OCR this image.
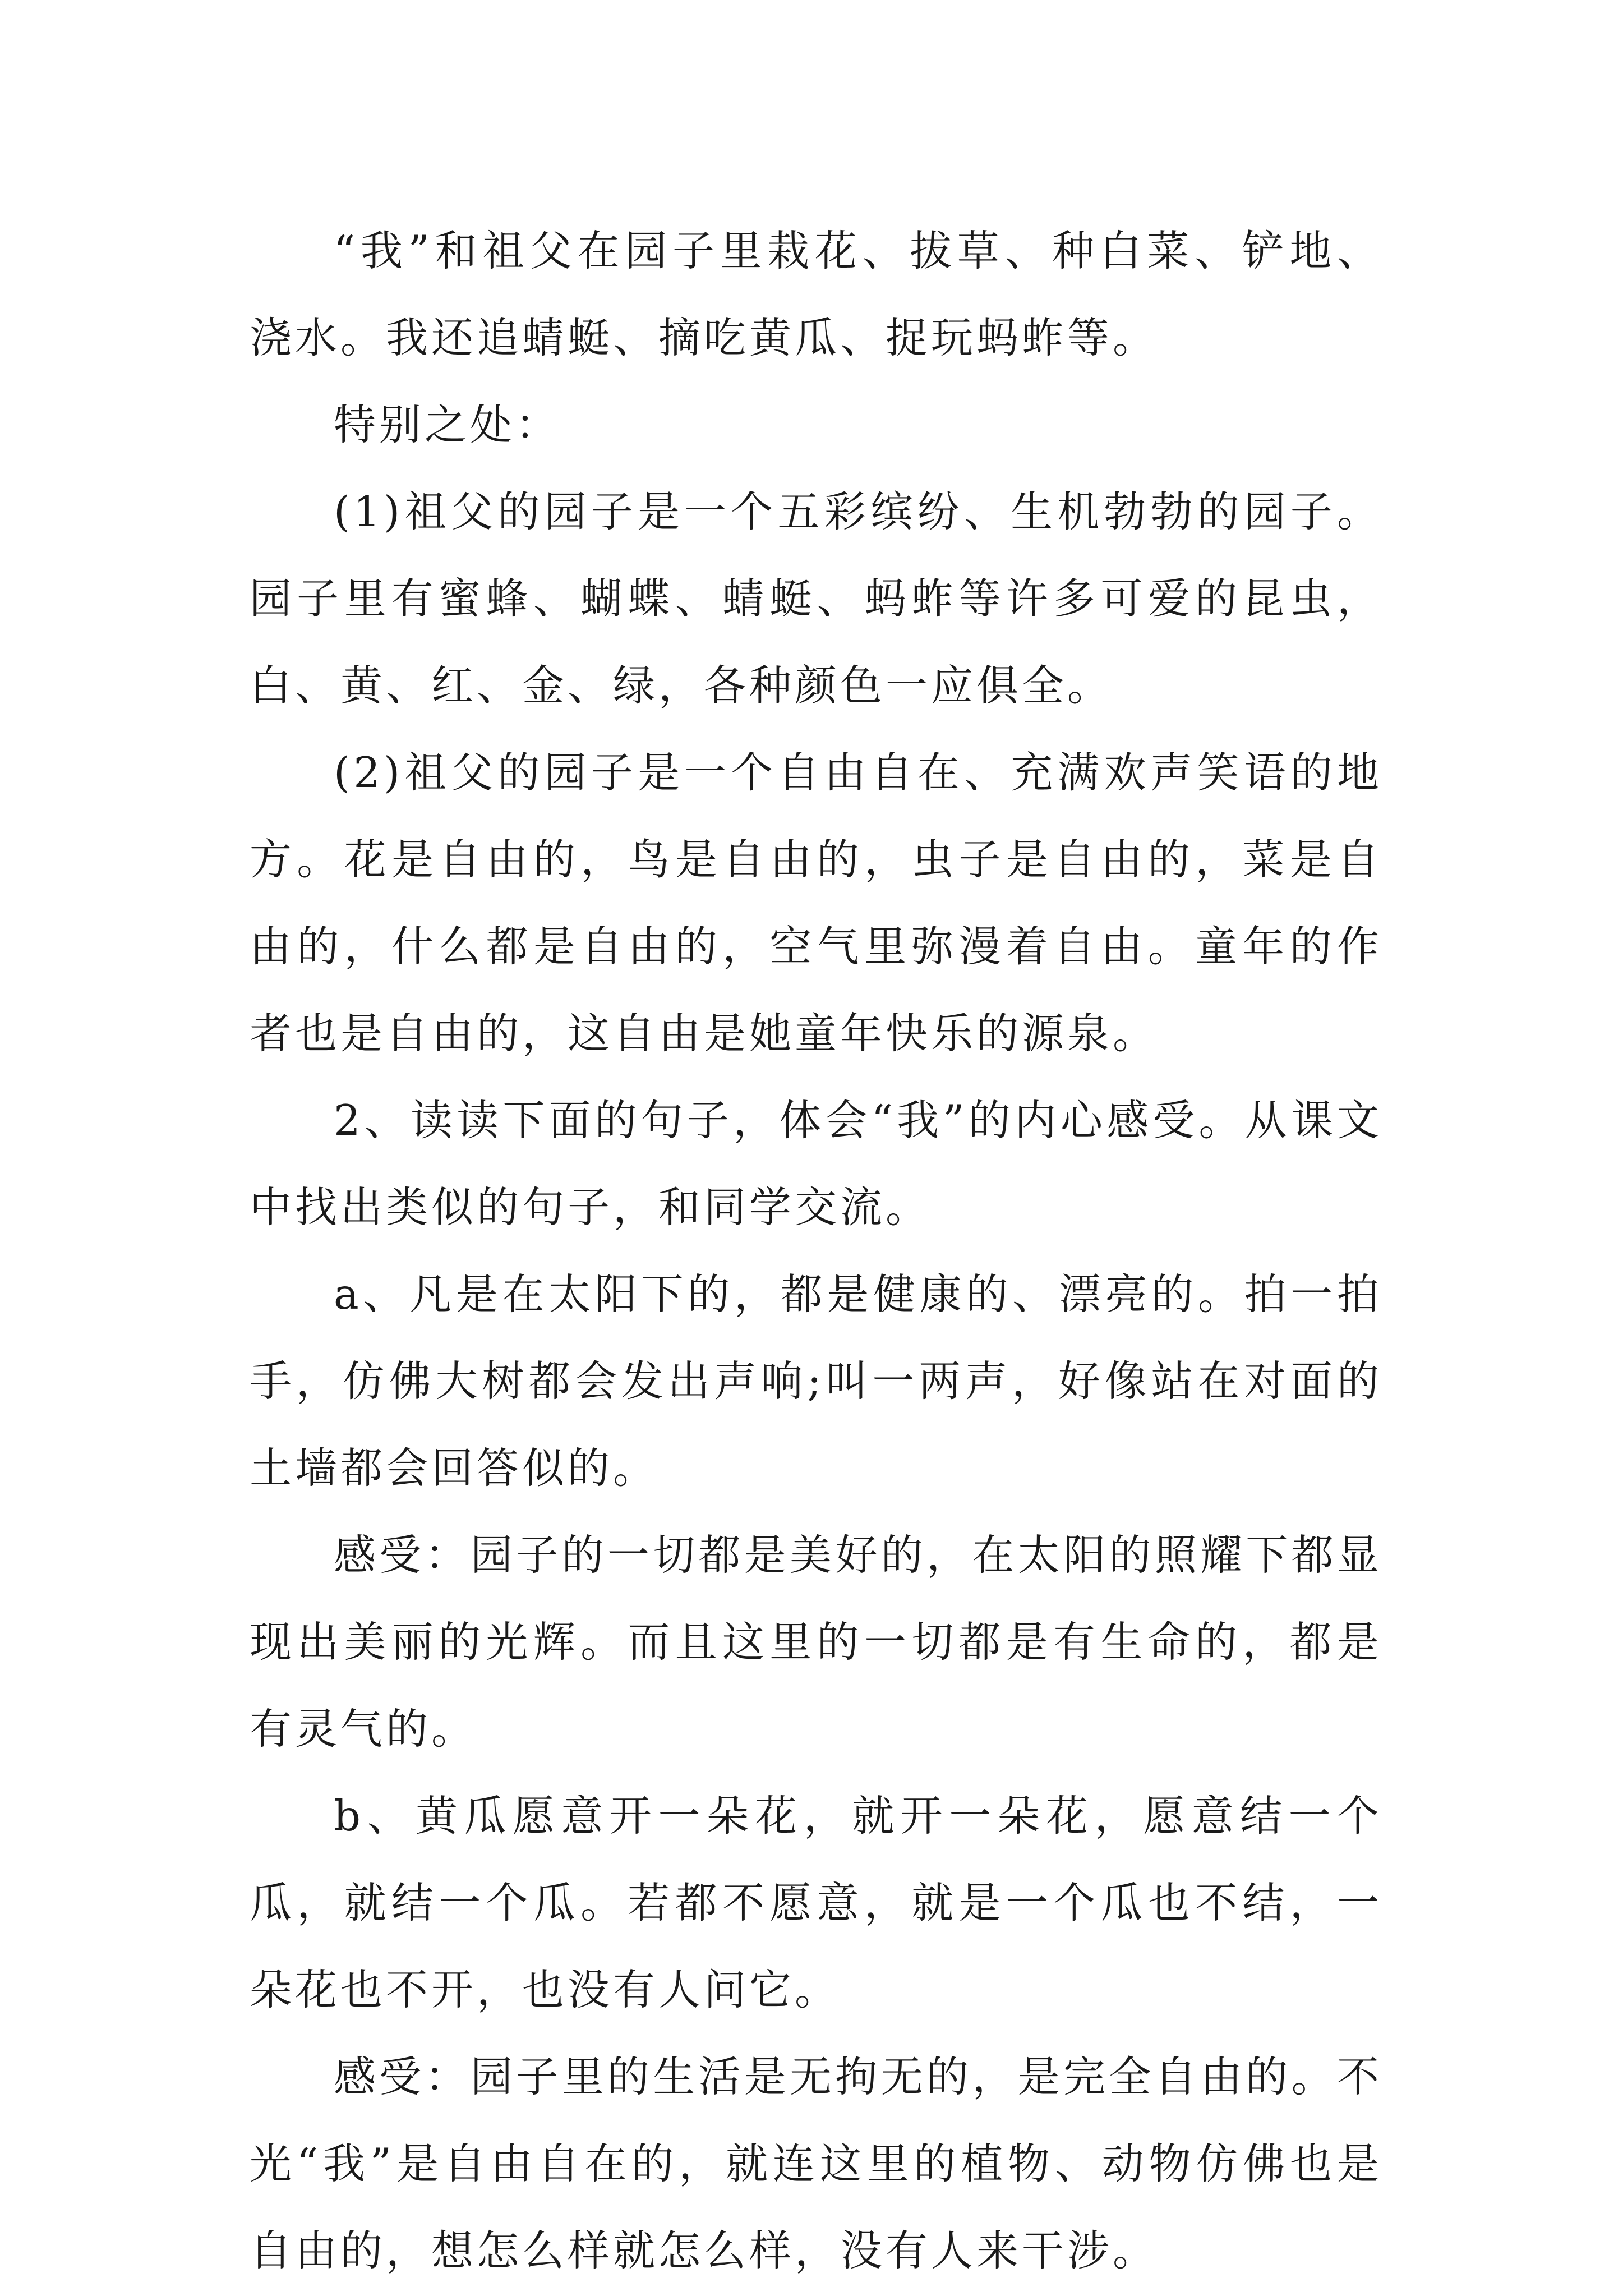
“我”和祖父在园子里栽花、拔草、种白菜、铲地、浇水。我还追蜻蜓、摘吃黄瓜、捉玩蚂蚱等。

特别之处：

(1)祖父的园子是一个五彩缤纷、生机勃勃的园子。园子里有蜜蜂、蝴蝶、蜻蜓、蚂蚱等许多可爱的昆虫，白、黄、红、金、绿，各种颜色一应俱全。

(2)祖父的园子是一个自由自在、充满欢声笑语的地方。花是自由的，鸟是自由的，虫子是自由的，菜是自由的，什么都是自由的，空气里弥漫着自由。童年的作者也是自由的，这自由是她童年快乐的源泉。

2、读读下面的句子，体会“我”的内心感受。从课文中找出类似的句子，和同学交流。

a、凡是在太阳下的，都是健康的、漂亮的。拍一拍手，仿佛大树都会发出声响;叫一两声，好像站在对面的土墙都会回答似的。

感受：园子的一切都是美好的，在太阳的照耀下都显现出美丽的光辉。而且这里的一切都是有生命的，都是有灵气的。

b、黄瓜愿意开一朵花，就开一朵花，愿意结一个瓜，就结一个瓜。若都不愿意，就是一个瓜也不结，一朵花也不开，也没有人问它。

感受：园子里的生活是无拘无的，是完全自由的。不光“我”是自由自在的，就连这里的植物、动物仿佛也是自由的，想怎么样就怎么样，没有人来干涉。
